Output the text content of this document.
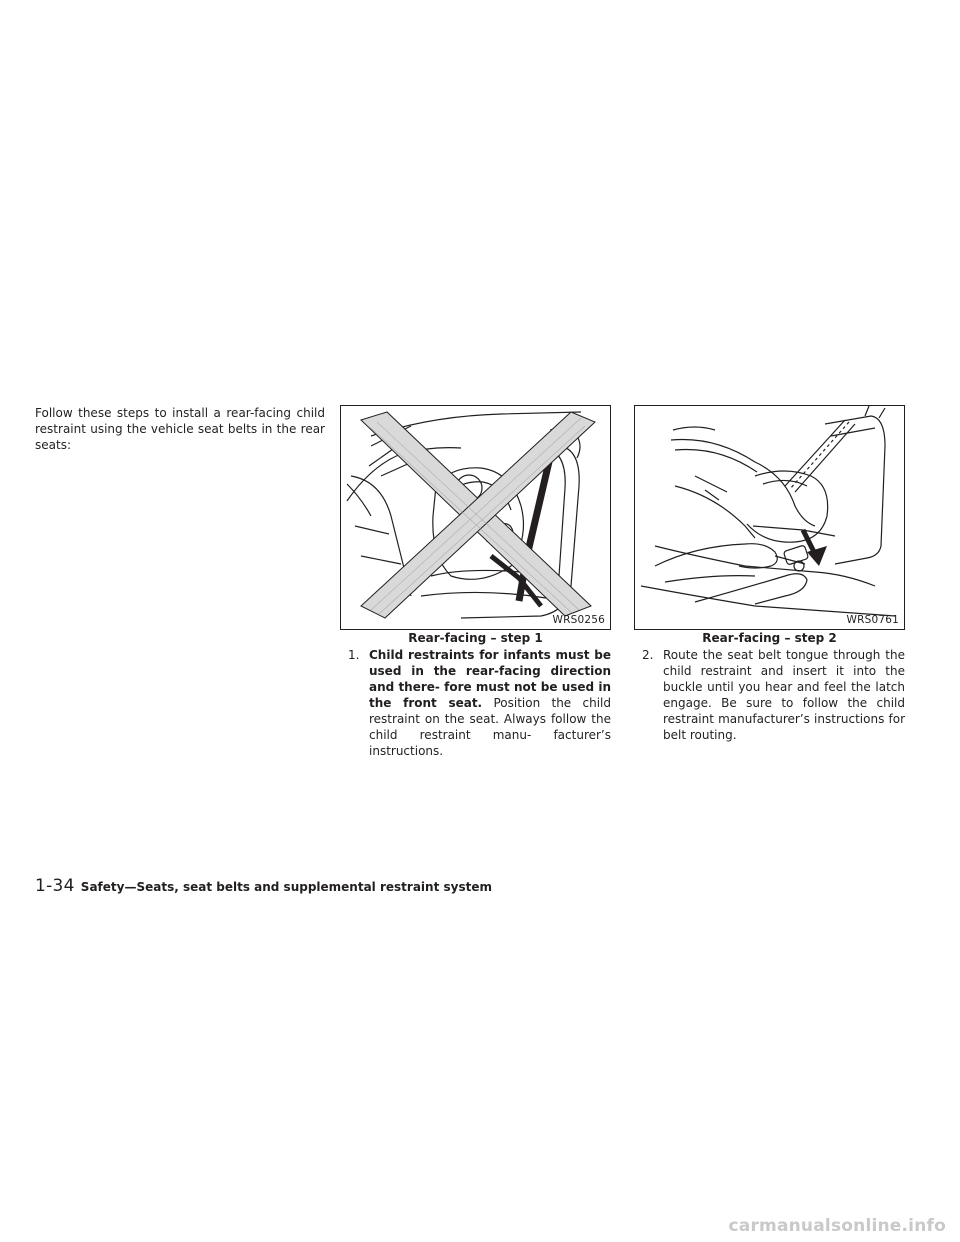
Follow these steps to install a rear-facing child restraint using the vehicle seat belts in the rear seats:

WRS0256
Rear-facing – step 1
WRS0761
Rear-facing – step 2
1. Child restraints for infants must be used in the rear-facing direction and there- fore must not be used in the front seat. Position the child restraint on the seat. Always follow the child restraint manu- facturer’s instructions.
2. Route the seat belt tongue through the child restraint and insert it into the buckle until you hear and feel the latch engage. Be sure to follow the child restraint manufacturer’s instructions for belt routing.
1-34 Safety—Seats, seat belts and supplemental restraint system
carmanualsonline.info
